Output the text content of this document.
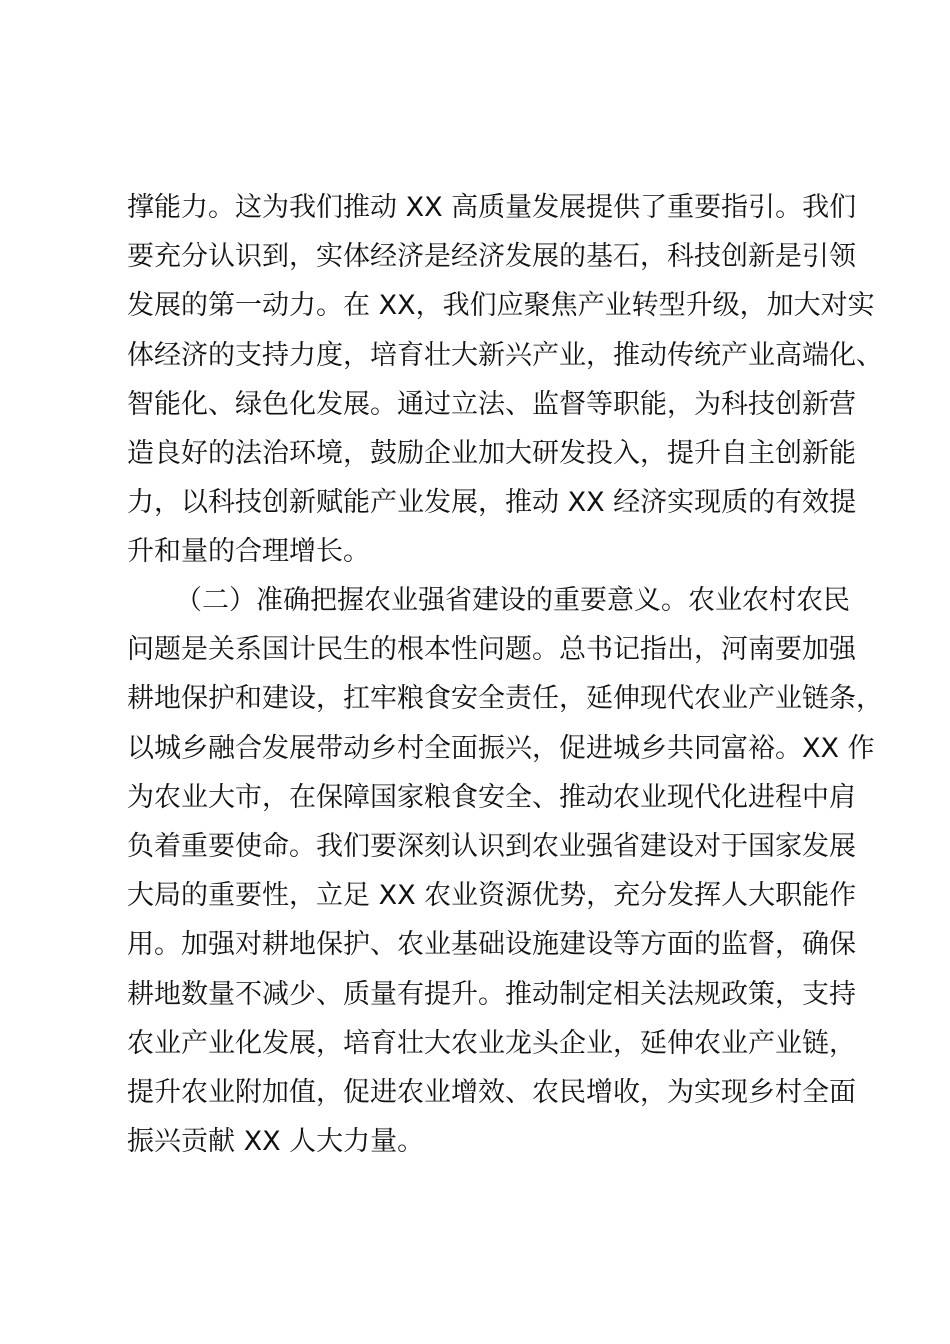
撑能力。这为我们推动 XX 高质量发展提供了重要指引。我们
要充分认识到，实体经济是经济发展的基石，科技创新是引领
发展的第一动力。在 XX，我们应聚焦产业转型升级，加大对实
体经济的支持力度，培育壮大新兴产业，推动传统产业高端化、
智能化、绿色化发展。通过立法、监督等职能，为科技创新营
造良好的法治环境，鼓励企业加大研发投入，提升自主创新能
力，以科技创新赋能产业发展，推动 XX 经济实现质的有效提
升和量的合理增长。
（二）准确把握农业强省建设的重要意义。农业农村农民
问题是关系国计民生的根本性问题。总书记指出，河南要加强
耕地保护和建设，扛牢粮食安全责任，延伸现代农业产业链条，
以城乡融合发展带动乡村全面振兴，促进城乡共同富裕。XX 作
为农业大市，在保障国家粮食安全、推动农业现代化进程中肩
负着重要使命。我们要深刻认识到农业强省建设对于国家发展
大局的重要性，立足 XX 农业资源优势，充分发挥人大职能作
用。加强对耕地保护、农业基础设施建设等方面的监督，确保
耕地数量不减少、质量有提升。推动制定相关法规政策，支持
农业产业化发展，培育壮大农业龙头企业，延伸农业产业链，
提升农业附加值，促进农业增效、农民增收，为实现乡村全面
振兴贡献 XX 人大力量。
